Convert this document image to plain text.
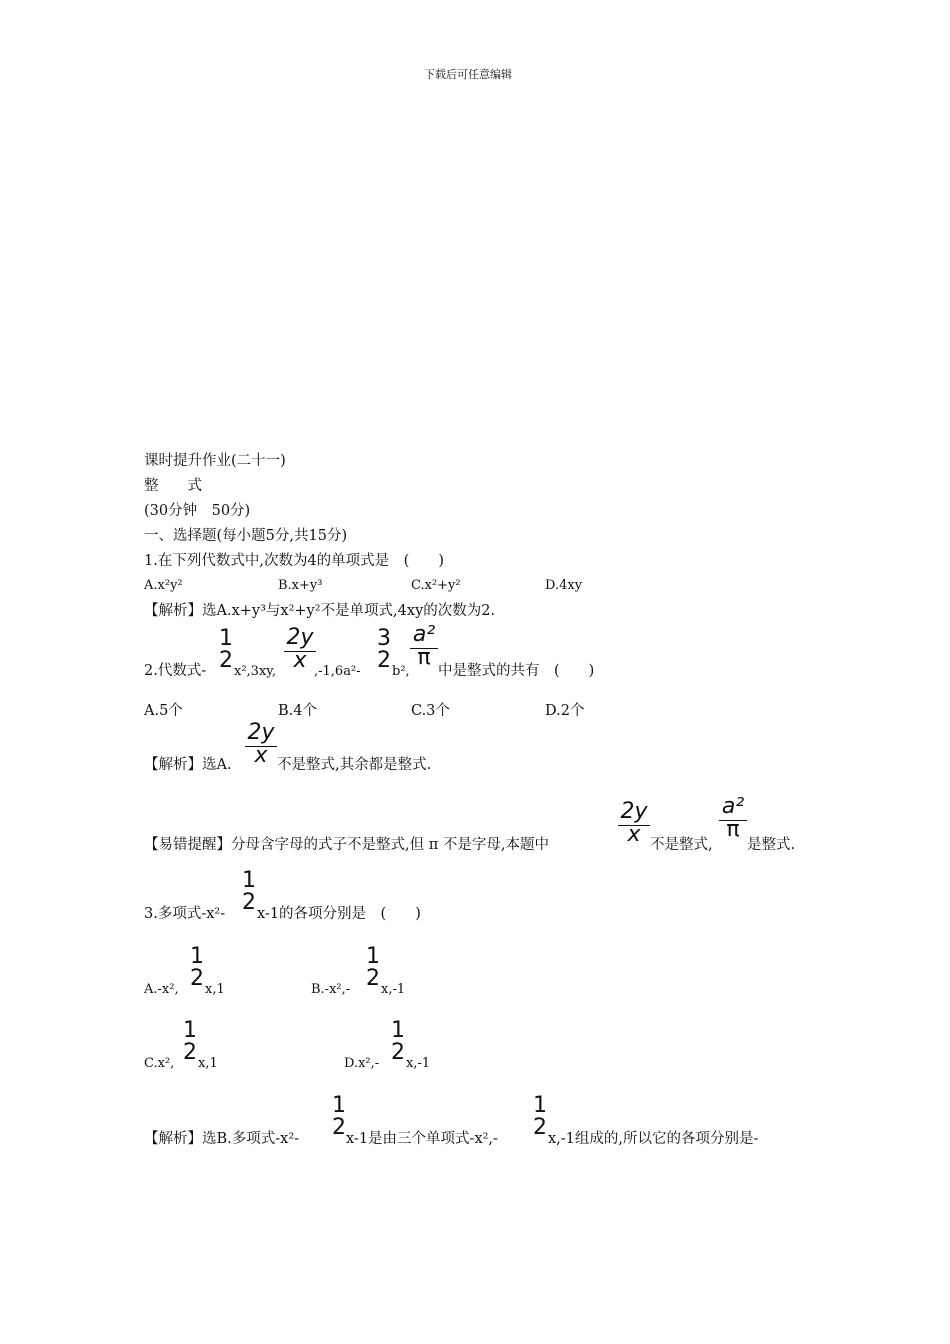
下载后可任意编辑
课时提升作业(二十一)
整　　式
(30分钟　50分)
一、选择题(每小题5分,共15分)
1.在下列代数式中,次数为4的单项式是　(　　)
A.x²y²	B.x+y³	C.x²+y²	D.4xy
【解析】选A.x+y³与x²+y²不是单项式,4xy的次数为2.
2.代数式-
1
2 x²,3xy,
2y
x ,-1,6a²-
3
2 b²,
a²
π
中是整式的共有　(　　)
A.5个	B.4个	C.3个	D.2个
【解析】选A.
2y
x 不是整式,其余都是整式.
【易错提醒】分母含字母的式子不是整式,但 π 不是字母,本题中
2y
x 不是整式,
a²
π
是整式.
3.多项式-x²-
1
2 x-1的各项分别是　(　　)
A.-x²,
1
2 x,1	B.-x²,-
1
2 x,-1
C.x²,
1
2 x,1	D.x²,-
1
2 x,-1
【解析】选B.多项式-x²-
1
2 x-1是由三个单项式-x²,-
1
2 x,-1组成的,所以它的各项分别是-
